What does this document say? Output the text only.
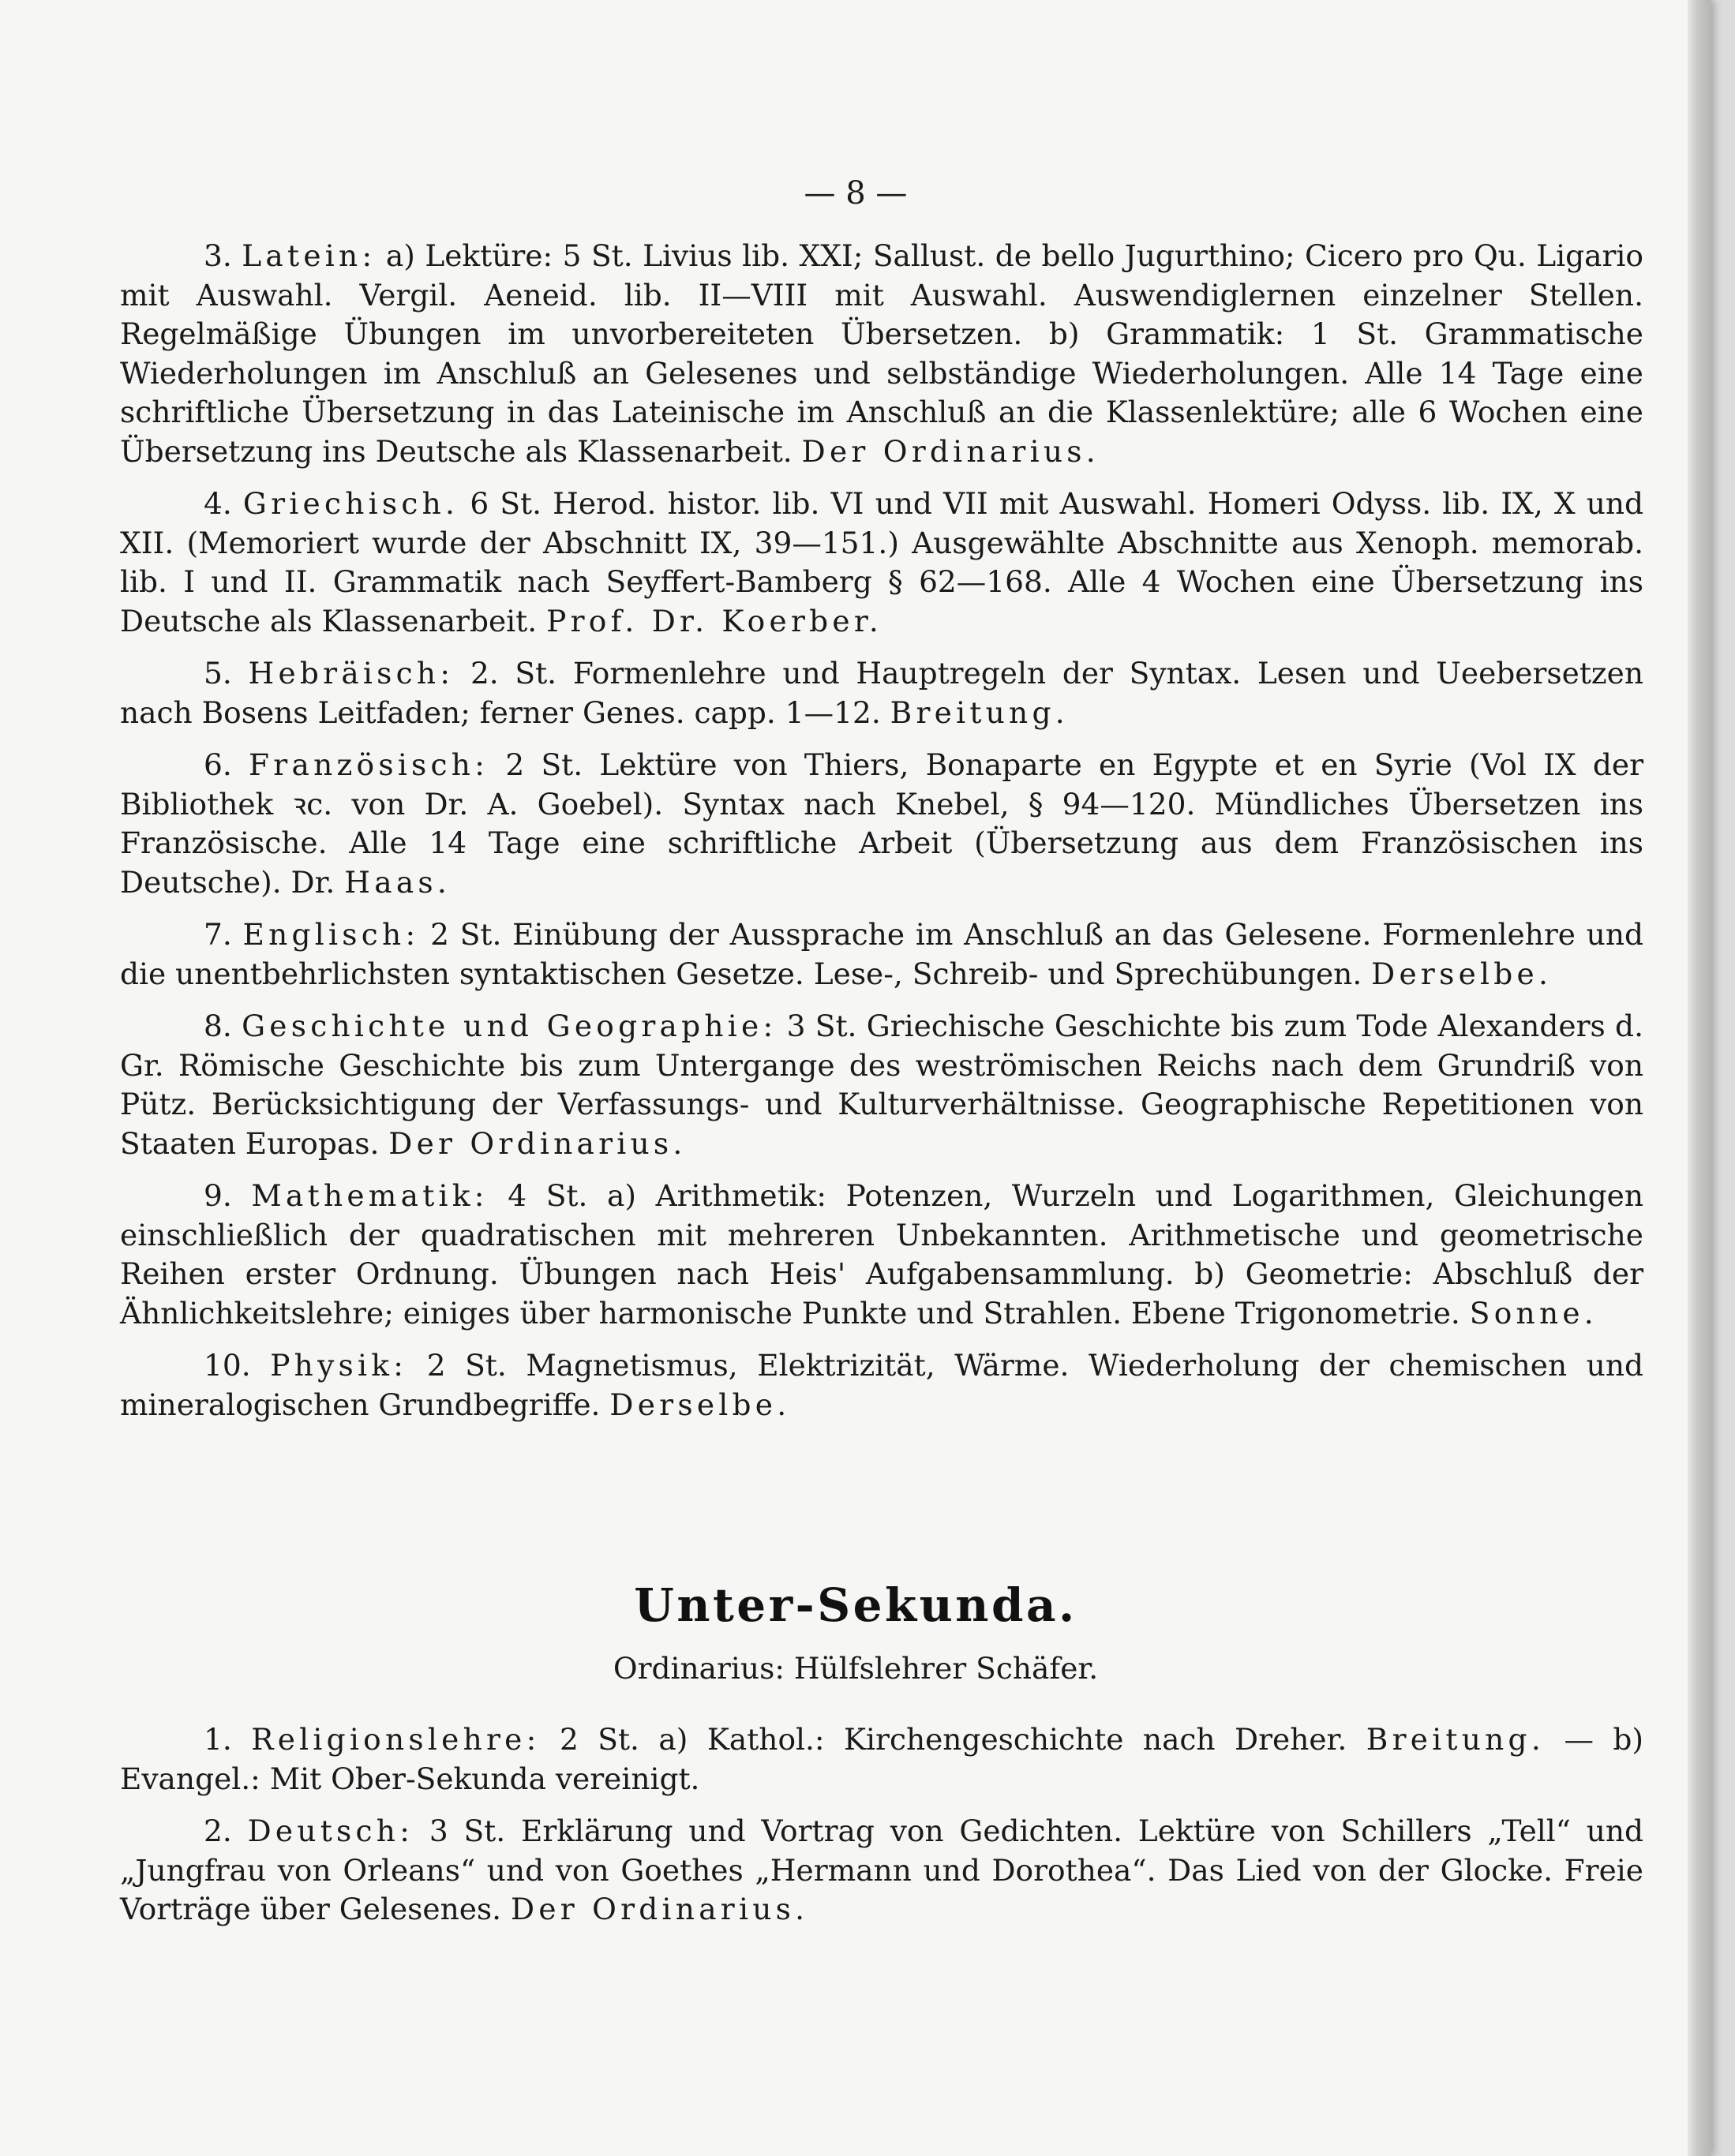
— 8 —

3. Latein: a) Lektüre: 5 St. Livius lib. XXI; Sallust. de bello Jugurthino; Cicero pro Qu. Ligario mit Auswahl. Vergil. Aeneid. lib. II—VIII mit Auswahl. Auswendiglernen einzelner Stellen. Regelmäßige Übungen im unvorbereiteten Übersetzen. b) Grammatik: 1 St. Grammatische Wiederholungen im Anschluß an Gelesenes und selbständige Wiederholungen. Alle 14 Tage eine schriftliche Übersetzung in das Lateinische im Anschluß an die Klassenlektüre; alle 6 Wochen eine Übersetzung ins Deutsche als Klassenarbeit. Der Ordinarius.

4. Griechisch. 6 St. Herod. histor. lib. VI und VII mit Auswahl. Homeri Odyss. lib. IX, X und XII. (Memoriert wurde der Abschnitt IX, 39—151.) Ausgewählte Abschnitte aus Xenoph. memorab. lib. I und II. Grammatik nach Seyffert-Bamberg § 62—168. Alle 4 Wochen eine Übersetzung ins Deutsche als Klassenarbeit. Prof. Dr. Koerber.

5. Hebräisch: 2. St. Formenlehre und Hauptregeln der Syntax. Lesen und Ueebersetzen nach Bosens Leitfaden; ferner Genes. capp. 1—12. Breitung.

6. Französisch: 2 St. Lektüre von Thiers, Bonaparte en Egypte et en Syrie (Vol IX der Bibliothek ꝛc. von Dr. A. Goebel). Syntax nach Knebel, § 94—120. Mündliches Übersetzen ins Französische. Alle 14 Tage eine schriftliche Arbeit (Übersetzung aus dem Französischen ins Deutsche). Dr. Haas.

7. Englisch: 2 St. Einübung der Aussprache im Anschluß an das Gelesene. Formenlehre und die unentbehrlichsten syntaktischen Gesetze. Lese-, Schreib- und Sprechübungen. Derselbe.

8. Geschichte und Geographie: 3 St. Griechische Geschichte bis zum Tode Alexanders d. Gr. Römische Geschichte bis zum Untergange des weströmischen Reichs nach dem Grundriß von Pütz. Berücksichtigung der Verfassungs- und Kulturverhältnisse. Geographische Repetitionen von Staaten Europas. Der Ordinarius.

9. Mathematik: 4 St. a) Arithmetik: Potenzen, Wurzeln und Logarithmen, Gleichungen einschließlich der quadratischen mit mehreren Unbekannten. Arithmetische und geometrische Reihen erster Ordnung. Übungen nach Heis' Aufgabensammlung. b) Geometrie: Abschluß der Ähnlichkeitslehre; einiges über harmonische Punkte und Strahlen. Ebene Trigonometrie. Sonne.

10. Physik: 2 St. Magnetismus, Elektrizität, Wärme. Wiederholung der chemischen und mineralogischen Grundbegriffe. Derselbe.

Unter-Sekunda.
Ordinarius: Hülfslehrer Schäfer.

1. Religionslehre: 2 St. a) Kathol.: Kirchengeschichte nach Dreher. Breitung. — b) Evangel.: Mit Ober-Sekunda vereinigt.

2. Deutsch: 3 St. Erklärung und Vortrag von Gedichten. Lektüre von Schillers „Tell“ und „Jungfrau von Orleans“ und von Goethes „Hermann und Dorothea“. Das Lied von der Glocke. Freie Vorträge über Gelesenes. Der Ordinarius.
